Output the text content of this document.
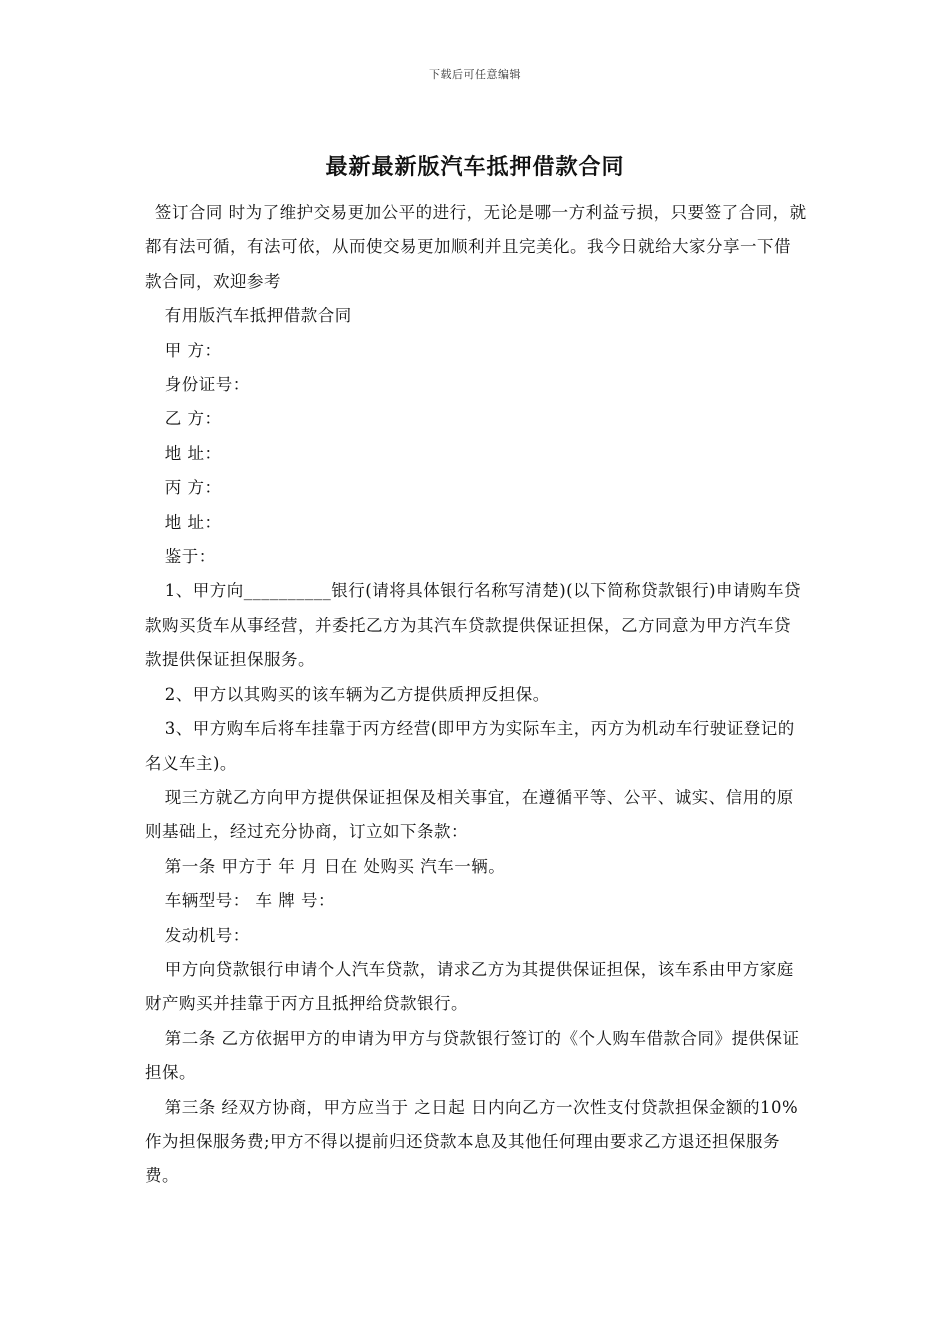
下载后可任意编辑
最新最新版汽车抵押借款合同

签订合同 时为了维护交易更加公平的进行，无论是哪一方利益亏损，只要签了合同，就都有法可循，有法可依，从而使交易更加顺利并且完美化。我今日就给大家分享一下借款合同，欢迎参考

有用版汽车抵押借款合同

甲 方：

身份证号：

乙 方：

地 址：

丙 方：

地 址：

鉴于：

1、甲方向__________银行(请将具体银行名称写清楚)(以下简称贷款银行)申请购车贷款购买货车从事经营，并委托乙方为其汽车贷款提供保证担保，乙方同意为甲方汽车贷款提供保证担保服务。

2、甲方以其购买的该车辆为乙方提供质押反担保。

3、甲方购车后将车挂靠于丙方经营(即甲方为实际车主，丙方为机动车行驶证登记的名义车主)。

现三方就乙方向甲方提供保证担保及相关事宜，在遵循平等、公平、诚实、信用的原则基础上，经过充分协商，订立如下条款：

第一条 甲方于 年 月 日在 处购买 汽车一辆。

车辆型号： 车 牌 号：

发动机号：

甲方向贷款银行申请个人汽车贷款，请求乙方为其提供保证担保，该车系由甲方家庭财产购买并挂靠于丙方且抵押给贷款银行。

第二条 乙方依据甲方的申请为甲方与贷款银行签订的《个人购车借款合同》提供保证担保。

第三条 经双方协商，甲方应当于 之日起 日内向乙方一次性支付贷款担保金额的10%作为担保服务费;甲方不得以提前归还贷款本息及其他任何理由要求乙方退还担保服务费。
